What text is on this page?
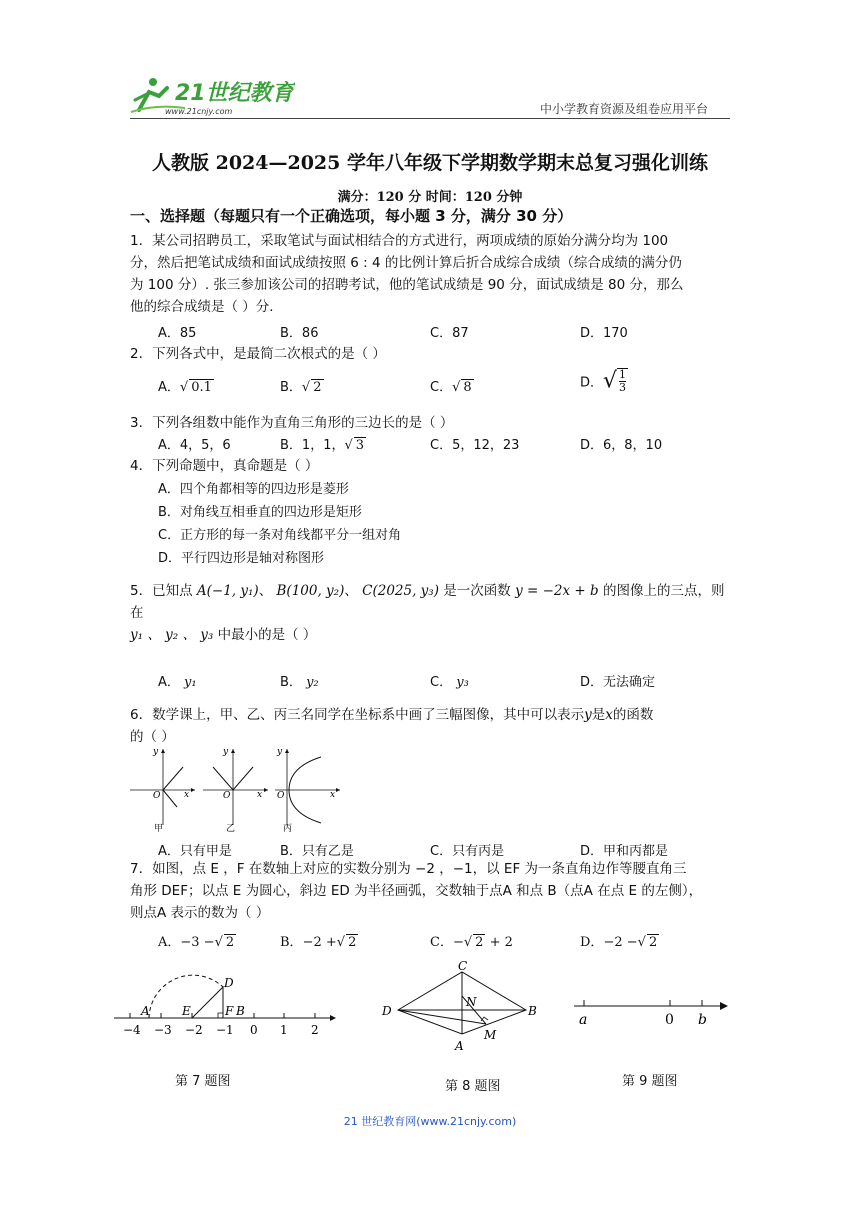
21世纪教育
www.21cnjy.com	中小学教育资源及组卷应用平台
人教版 2024—2025 学年八年级下学期数学期末总复习强化训练
满分：120 分 时间：120 分钟
一、选择题（每题只有一个正确选项，每小题 3 分，满分 30 分）
1．某公司招聘员工，采取笔试与面试相结合的方式进行，两项成绩的原始分满分均为 100
分，然后把笔试成绩和面试成绩按照 6 : 4 的比例计算后折合成综合成绩（综合成绩的满分仍
为 100 分）. 张三参加该公司的招聘考试，他的笔试成绩是 90 分，面试成绩是 80 分，那么
他的综合成绩是（ ）分.
A．85	B．86	C．87	D．170
2．下列各式中，是最简二次根式的是（ ）
A．√ 0.1	B．√ 2	C．√ 8	D．√ $\frac{1}{3}$
3．下列各组数中能作为直角三角形的三边长的是（ ）
A．4，5，6	B．1，1，√ 3	C．5，12，23	D．6，8，10
4．下列命题中，真命题是（ ）
A．四个角都相等的四边形是菱形
B．对角线互相垂直的四边形是矩形
C．正方形的每一条对角线都平分一组对角
D．平行四边形是轴对称图形
5．已知点 A(−1, y₁)、 B(100, y₂)、 C(2025, y₃) 是一次函数 y = −2x + b 的图像上的三点，则在
y₁ 、 y₂ 、 y₃ 中最小的是（ ）
A． y₁	B． y₂	C． y₃	D．无法确定
6．数学课上，甲、乙、丙三名同学在坐标系中画了三幅图像，其中可以表示y是x的函数
的（ ）
y
x
O
甲
y
x
O
乙
y
x
O
丙
A．只有甲是	B．只有乙是	C．只有丙是	D．甲和丙都是
7．如图，点 E ，F 在数轴上对应的实数分别为 −2 ，−1，以 EF 为一条直角边作等腰直角三
角形 DEF；以点 E 为圆心，斜边 ED 为半径画弧，交数轴于点A 和点 B（点A 在点 E 的左侧），
则点A 表示的数为（ ）
A．−3 −√ 2	B．−2 +√ 2	C．−√ 2 + 2	D．−2 −√ 2
−4 −3 −2 −1 0 1 2
A	E	F B
D
第 7 题图
C
D
N
B
M
A
第 8 题图
a	0 b
第 9 题图
21 世纪教育网(www.21cnjy.com)
